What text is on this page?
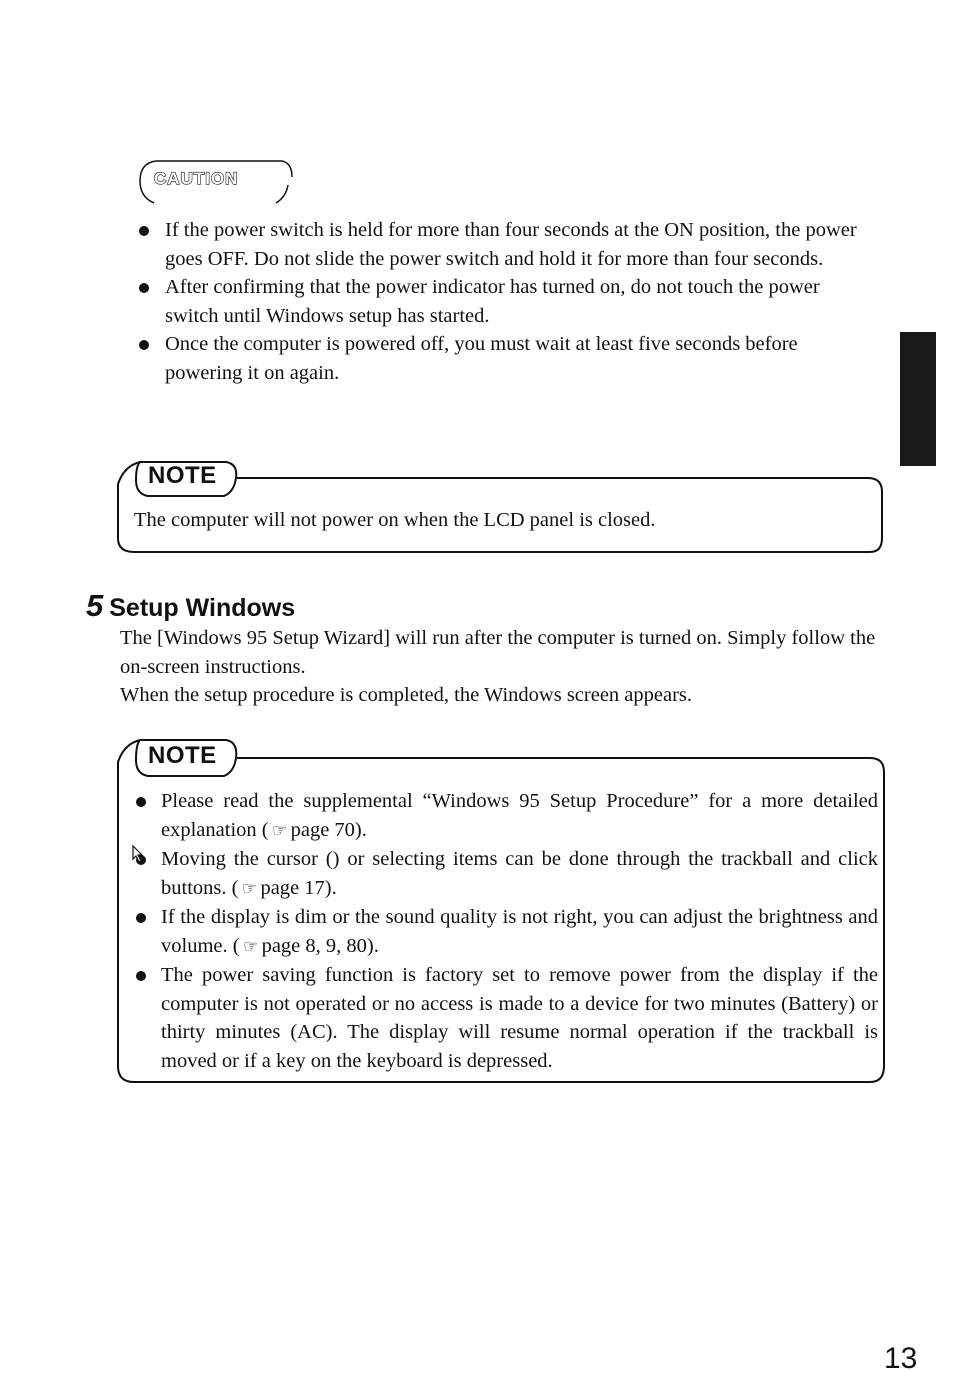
CAUTION
If the power switch is held for more than four seconds at the ON position, the power goes OFF. Do not slide the power switch and hold it for more than four seconds.
After confirming that the power indicator has turned on, do not touch the power switch until Windows setup has started.
Once the computer is powered off, you must wait at least five seconds before powering it on again.
NOTE
The computer will not power on when the LCD panel is closed.
5 Setup Windows

The [Windows 95 Setup Wizard] will run after the computer is turned on. Simply follow the on-screen instructions.

When the setup procedure is completed, the Windows screen appears.

NOTE
Please read the supplemental “Windows 95 Setup Procedure” for a more detailed explanation ( ☞ page 70).
Moving the cursor (
) or selecting items can be done through the trackball and click buttons. ( ☞ page 17).
If the display is dim or the sound quality is not right, you can adjust the brightness and volume. ( ☞ page 8, 9, 80).
The power saving function is factory set to remove power from the display if the computer is not operated or no access is made to a device for two minutes (Battery) or thirty minutes (AC). The display will resume normal operation if the trackball is moved or if a key on the keyboard is depressed.
13
